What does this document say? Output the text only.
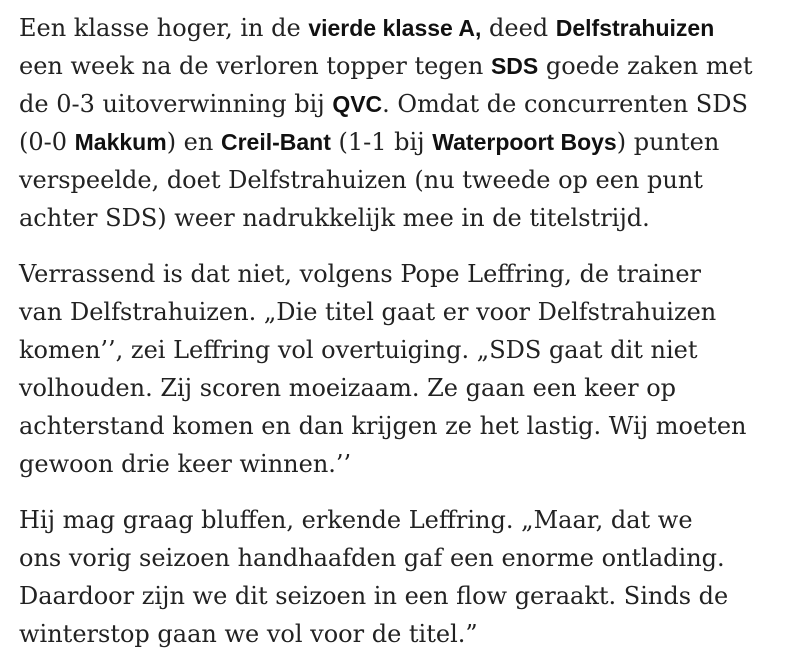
Een klasse hoger, in de vierde klasse A, deed Delfstrahuizen
een week na de verloren topper tegen SDS goede zaken met
de 0-3 uitoverwinning bij QVC. Omdat de concurrenten SDS
(0-0 Makkum) en Creil-Bant (1-1 bij Waterpoort Boys) punten
verspeelde, doet Delfstrahuizen (nu tweede op een punt
achter SDS) weer nadrukkelijk mee in de titelstrijd.

Verrassend is dat niet, volgens Pope Leffring, de trainer
van Delfstrahuizen. „Die titel gaat er voor Delfstrahuizen
komen’’, zei Leffring vol overtuiging. „SDS gaat dit niet
volhouden. Zij scoren moeizaam. Ze gaan een keer op
achterstand komen en dan krijgen ze het lastig. Wij moeten
gewoon drie keer winnen.’’

Hij mag graag bluffen, erkende Leffring. „Maar, dat we
ons vorig seizoen handhaafden gaf een enorme ontlading.
Daardoor zijn we dit seizoen in een flow geraakt. Sinds de
winterstop gaan we vol voor de titel.”
